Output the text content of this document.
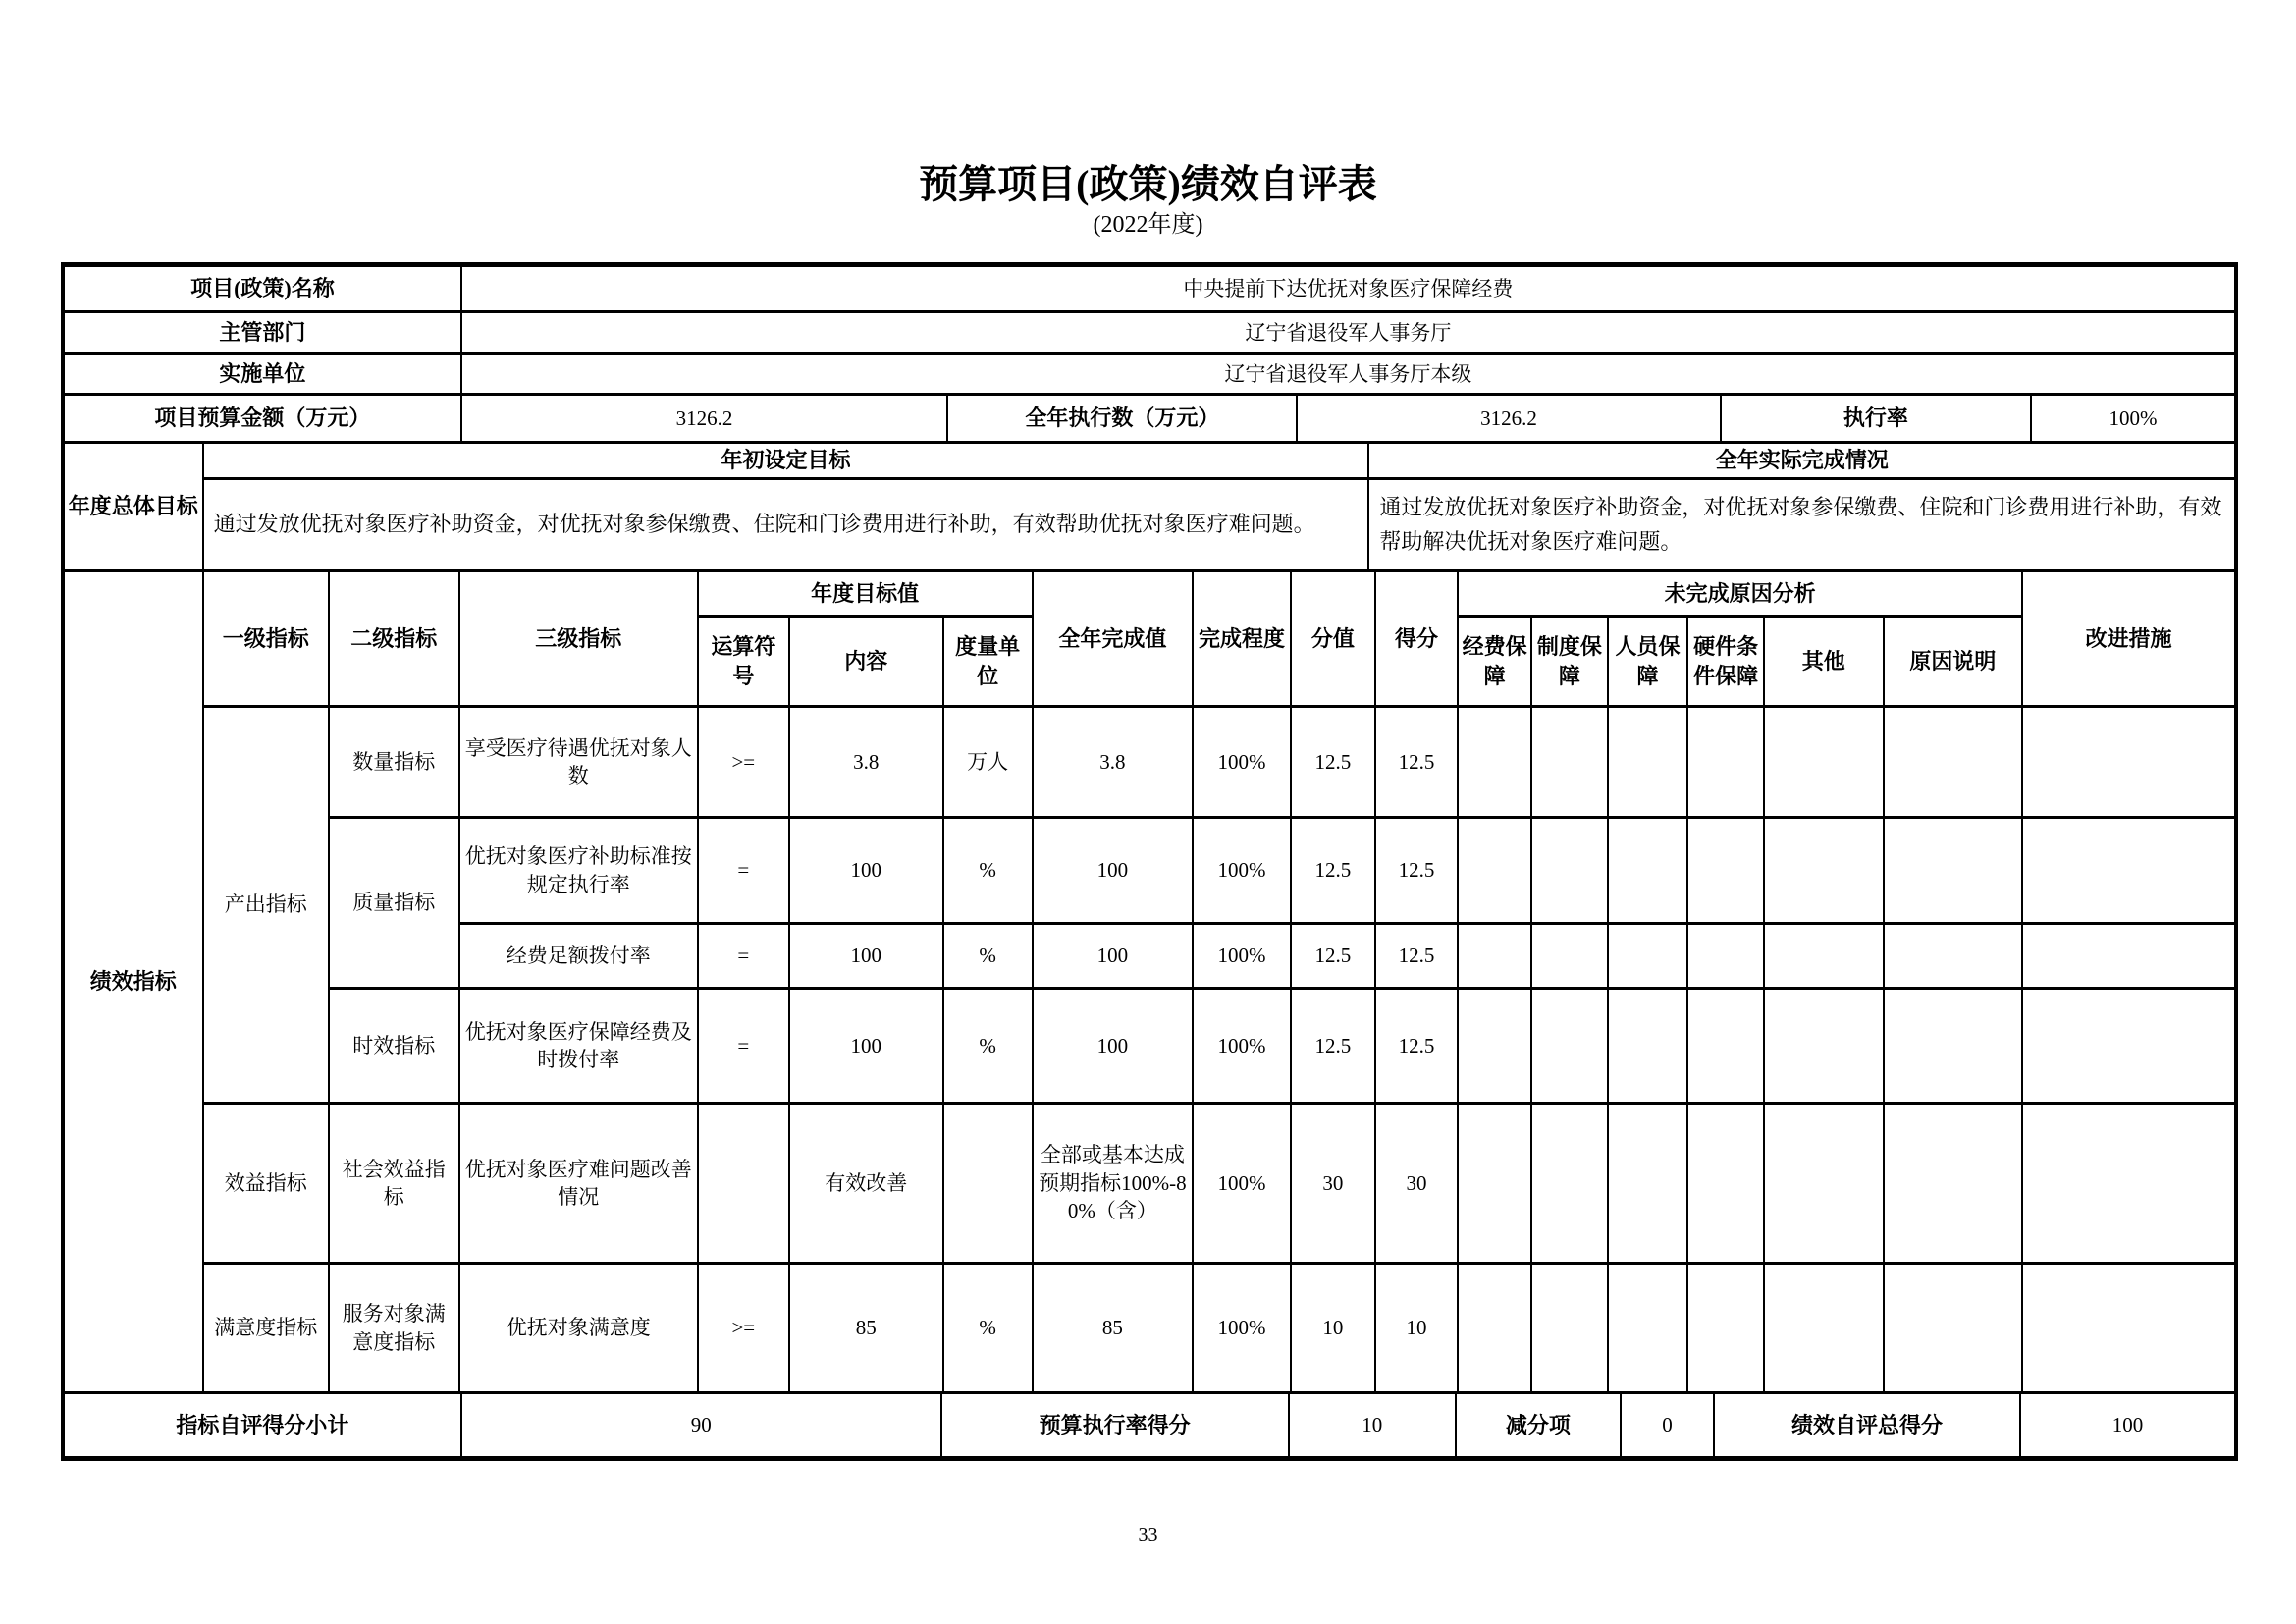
预算项目(政策)绩效自评表
(2022年度)
项目(政策)名称	中央提前下达优抚对象医疗保障经费
主管部门	辽宁省退役军人事务厅
实施单位	辽宁省退役军人事务厅本级
项目预算金额（万元）	3126.2	全年执行数（万元）	3126.2	执行率	100%
年度总体目标	年初设定目标	全年实际完成情况
	通过发放优抚对象医疗补助资金，对优抚对象参保缴费、住院和门诊费用进行补助，有效帮助优抚对象医疗难问题。	通过发放优抚对象医疗补助资金，对优抚对象参保缴费、住院和门诊费用进行补助，有效帮助解决优抚对象医疗难问题。
绩效指标	一级指标	二级指标	三级指标	年度目标值			全年完成值	完成程度	分值	得分	未完成原因分析						改进措施
				运算符号	内容	度量单位					经费保障	制度保障	人员保障	硬件条件保障	其他	原因说明	
	产出指标	数量指标	享受医疗待遇优抚对象人数	>=	3.8	万人	3.8	100%	12.5	12.5							
		质量指标	优抚对象医疗补助标准按规定执行率	=	100	%	100	100%	12.5	12.5							
			经费足额拨付率	=	100	%	100	100%	12.5	12.5							
		时效指标	优抚对象医疗保障经费及时拨付率	=	100	%	100	100%	12.5	12.5							
	效益指标	社会效益指标	优抚对象医疗难问题改善情况		有效改善		全部或基本达成预期指标100%-80%（含）	100%	30	30							
	满意度指标	服务对象满意度指标	优抚对象满意度	>=	85	%	85	100%	10	10							
指标自评得分小计	90	预算执行率得分	10	减分项	0	绩效自评总得分	100
33
